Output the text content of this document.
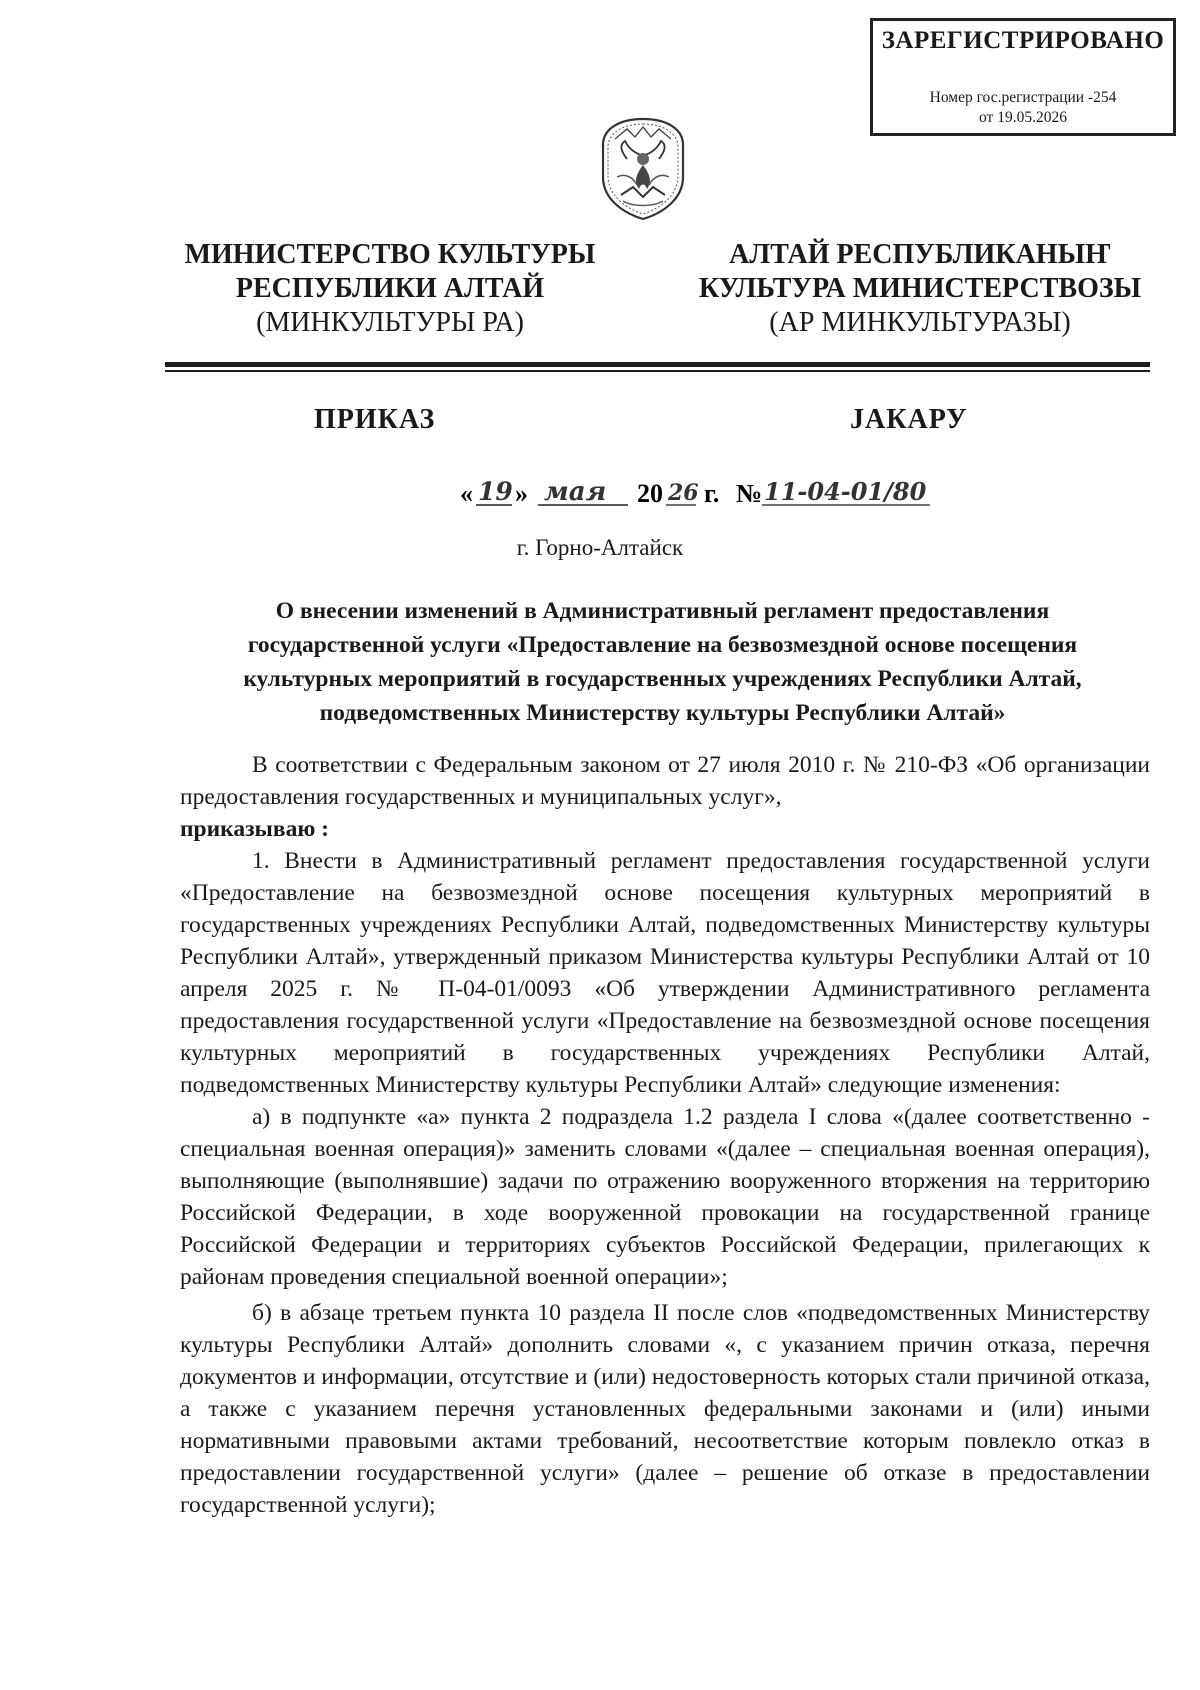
ЗАРЕГИСТРИРОВАНО
Номер гос.регистрации -254
от 19.05.2026
МИНИСТЕРСТВО КУЛЬТУРЫ
РЕСПУБЛИКИ АЛТАЙ
(МИНКУЛЬТУРЫ РА)
АЛТАЙ РЕСПУБЛИКАНЫҤ
КУЛЬТУРА МИНИСТЕРСТВОЗЫ
(АР МИНКУЛЬТУРАЗЫ)
ПРИКАЗ	JАКАРУ
« 19 » мая 20 26 г. № 11-04-01/80
г. Горно-Алтайск
О внесении изменений в Административный регламент предоставления
государственной услуги «Предоставление на безвозмездной основе посещения
культурных мероприятий в государственных учреждениях Республики Алтай,
подведомственных Министерству культуры Республики Алтай»

В соответствии с Федеральным законом от 27 июля 2010 г. № 210-ФЗ «Об организации предоставления государственных и муниципальных услуг»,

приказываю :

1. Внести в Административный регламент предоставления государственной услуги «Предоставление на безвозмездной основе посещения культурных мероприятий в государственных учреждениях Республики Алтай, подведомственных Министерству культуры Республики Алтай», утвержденный приказом Министерства культуры Республики Алтай от 10 апреля 2025 г. № П-04-01/0093 «Об утверждении Административного регламента предоставления государственной услуги «Предоставление на безвозмездной основе посещения культурных мероприятий в государственных учреждениях Республики Алтай, подведомственных Министерству культуры Республики Алтай» следующие изменения:

а) в подпункте «а» пункта 2 подраздела 1.2 раздела I слова «(далее соответственно - специальная военная операция)» заменить словами «(далее – специальная военная операция), выполняющие (выполнявшие) задачи по отражению вооруженного вторжения на территорию Российской Федерации, в ходе вооруженной провокации на государственной границе Российской Федерации и территориях субъектов Российской Федерации, прилегающих к районам проведения специальной военной операции»;

б) в абзаце третьем пункта 10 раздела II после слов «подведомственных Министерству культуры Республики Алтай» дополнить словами «, с указанием причин отказа, перечня документов и информации, отсутствие и (или) недостоверность которых стали причиной отказа, а также с указанием перечня установленных федеральными законами и (или) иными нормативными правовыми актами требований, несоответствие которым повлекло отказ в предоставлении государственной услуги» (далее – решение об отказе в предоставлении государственной услуги);
